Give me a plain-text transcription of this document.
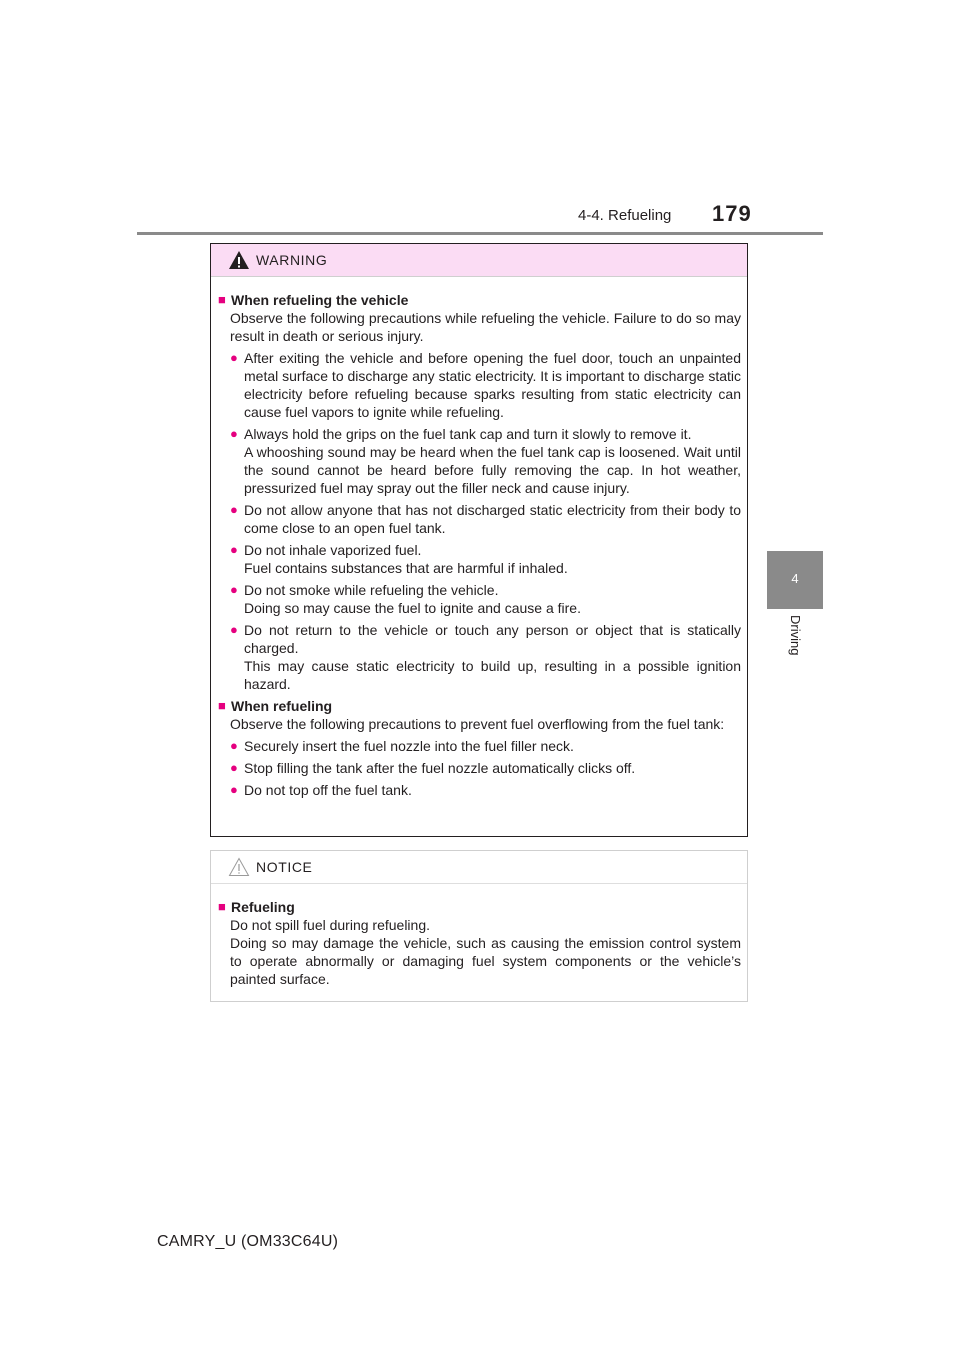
4-4. Refueling 179
4
Driving
WARNING
■ When refueling the vehicle
Observe the following precautions while refueling the vehicle. Failure to do so may result in death or serious injury.
● After exiting the vehicle and before opening the fuel door, touch an unpainted metal surface to discharge any static electricity. It is important to discharge static electricity before refueling because sparks resulting from static electricity can cause fuel vapors to ignite while refueling.
● Always hold the grips on the fuel tank cap and turn it slowly to remove it.
A whooshing sound may be heard when the fuel tank cap is loosened. Wait until the sound cannot be heard before fully removing the cap. In hot weather, pressurized fuel may spray out the filler neck and cause injury.
● Do not allow anyone that has not discharged static electricity from their body to come close to an open fuel tank.
● Do not inhale vaporized fuel.
Fuel contains substances that are harmful if inhaled.
● Do not smoke while refueling the vehicle.
Doing so may cause the fuel to ignite and cause a fire.
● Do not return to the vehicle or touch any person or object that is statically charged.
This may cause static electricity to build up, resulting in a possible ignition hazard.
■ When refueling
Observe the following precautions to prevent fuel overflowing from the fuel tank:
● Securely insert the fuel nozzle into the fuel filler neck.
● Stop filling the tank after the fuel nozzle automatically clicks off.
● Do not top off the fuel tank.
NOTICE
■ Refueling
Do not spill fuel during refueling.
Doing so may damage the vehicle, such as causing the emission control system to operate abnormally or damaging fuel system components or the vehicle’s painted surface.
CAMRY_U (OM33C64U)
